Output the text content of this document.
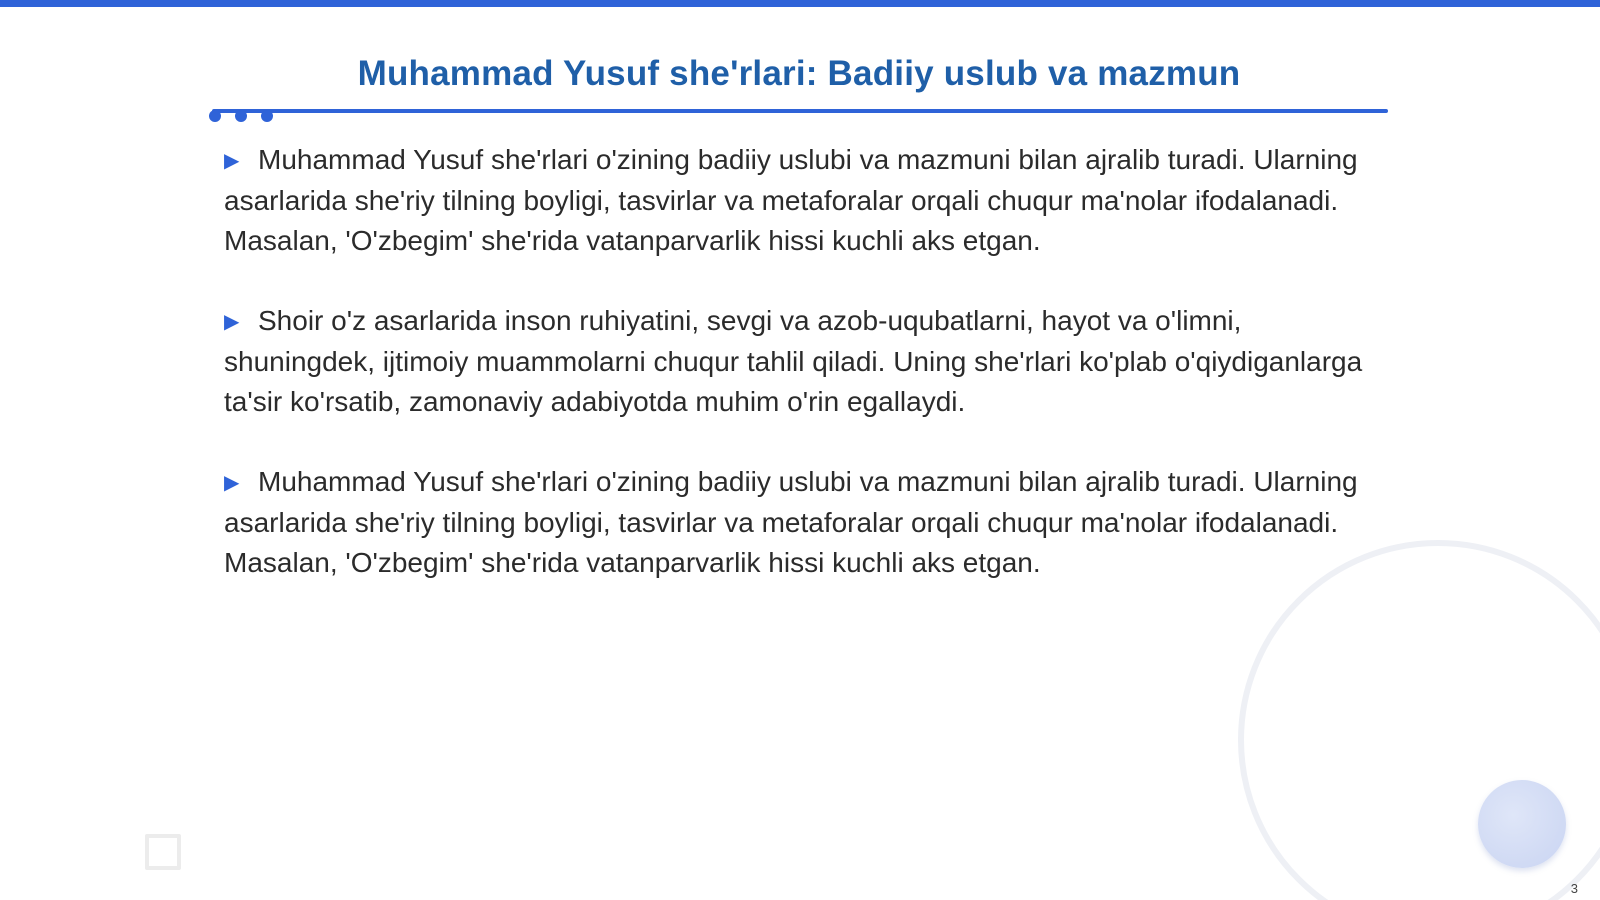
Muhammad Yusuf she'rlari: Badiiy uslub va mazmun

▶ Muhammad Yusuf she'rlari o'zining badiiy uslubi va mazmuni bilan ajralib turadi. Ularning asarlarida she'riy tilning boyligi, tasvirlar va metaforalar orqali chuqur ma'nolar ifodalanadi. Masalan, 'O'zbegim' she'rida vatanparvarlik hissi kuchli aks etgan.

▶ Shoir o'z asarlarida inson ruhiyatini, sevgi va azob-uqubatlarni, hayot va o'limni, shuningdek, ijtimoiy muammolarni chuqur tahlil qiladi. Uning she'rlari ko'plab o'qiydiganlarga ta'sir ko'rsatib, zamonaviy adabiyotda muhim o'rin egallaydi.

▶ Muhammad Yusuf she'rlari o'zining badiiy uslubi va mazmuni bilan ajralib turadi. Ularning asarlarida she'riy tilning boyligi, tasvirlar va metaforalar orqali chuqur ma'nolar ifodalanadi. Masalan, 'O'zbegim' she'rida vatanparvarlik hissi kuchli aks etgan.

3
